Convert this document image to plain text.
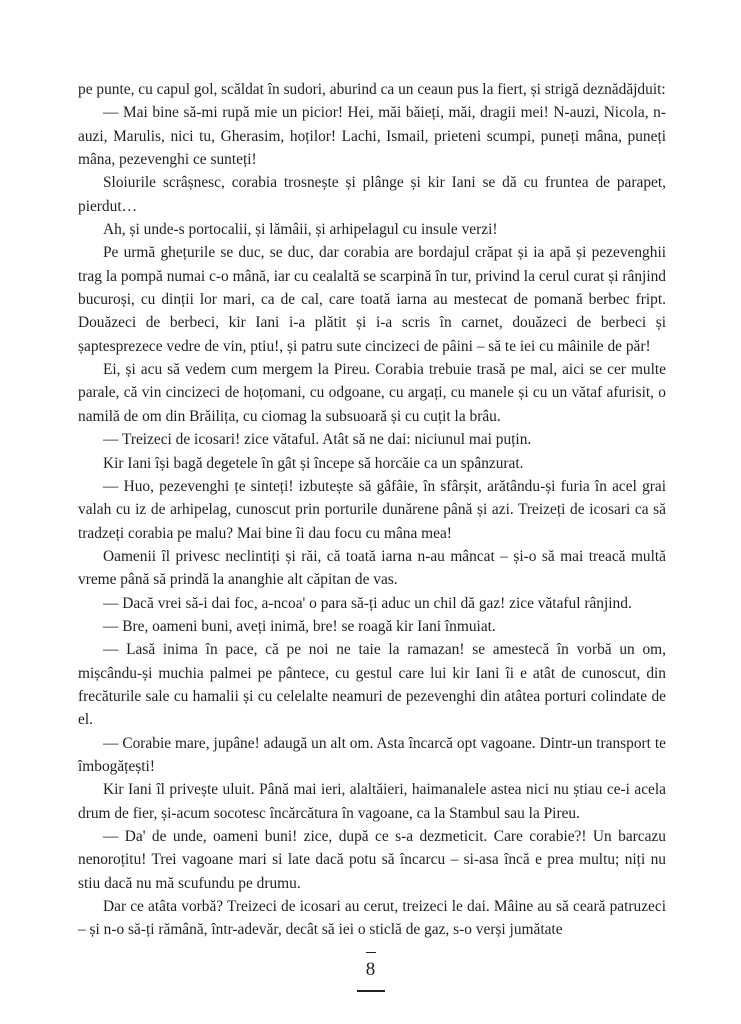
pe punte, cu capul gol, scăldat în sudori, aburind ca un ceaun pus la fiert, și strigă deznădăjduit:

— Mai bine să-mi rupă mie un picior! Hei, măi băieți, măi, dragii mei! N-auzi, Nicola, n-auzi, Marulis, nici tu, Gherasim, hoților! Lachi, Ismail, prieteni scumpi, puneți mâna, puneți mâna, pezevenghi ce sunteți!

Sloiurile scrâșnesc, corabia trosnește și plânge și kir Iani se dă cu fruntea de parapet, pierdut…

Ah, și unde-s portocalii, și lămâii, și arhipelagul cu insule verzi!

Pe urmă ghețurile se duc, se duc, dar corabia are bordajul crăpat și ia apă și pezevenghii trag la pompă numai c-o mână, iar cu cealaltă se scarpină în tur, privind la cerul curat și rânjind bucuroși, cu dinții lor mari, ca de cal, care toată iarna au mestecat de pomană berbec fript. Douăzeci de berbeci, kir Iani i-a plătit și i-a scris în carnet, douăzeci de berbeci și șaptesprezece vedre de vin, ptiu!, și patru sute cincizeci de pâini – să te iei cu mâinile de păr!

Ei, și acu să vedem cum mergem la Pireu. Corabia trebuie trasă pe mal, aici se cer multe parale, că vin cincizeci de hoțomani, cu odgoane, cu argați, cu manele și cu un vătaf afurisit, o namilă de om din Brăilița, cu ciomag la subsuoară și cu cuțit la brâu.

— Treizeci de icosari! zice vătaful. Atât să ne dai: niciunul mai puțin.

Kir Iani își bagă degetele în gât și începe să horcăie ca un spânzurat.

— Huo, pezevenghi țe sinteți! izbutește să gâfâie, în sfârșit, arătându-și furia în acel grai valah cu iz de arhipelag, cunoscut prin porturile dunărene până și azi. Treizeți de icosari ca să tradzeți corabia pe malu? Mai bine îi dau focu cu mâna mea!

Oamenii îl privesc neclintiți și răi, că toată iarna n-au mâncat – și-o să mai treacă multă vreme până să prindă la ananghie alt căpitan de vas.

— Dacă vrei să-i dai foc, a-ncoa' o para să-ți aduc un chil dă gaz! zice vătaful rânjind.

— Bre, oameni buni, aveți inimă, bre! se roagă kir Iani înmuiat.

— Lasă inima în pace, că pe noi ne taie la ramazan! se amestecă în vorbă un om, mișcându-și muchia palmei pe pântece, cu gestul care lui kir Iani îi e atât de cunoscut, din frecăturile sale cu hamalii și cu celelalte neamuri de pezevenghi din atâtea porturi colindate de el.

— Corabie mare, jupâne! adaugă un alt om. Asta încarcă opt vagoane. Dintr-un transport te îmbogățești!

Kir Iani îl privește uluit. Până mai ieri, alaltăieri, haimanalele astea nici nu știau ce-i acela drum de fier, și-acum socotesc încărcătura în vagoane, ca la Stambul sau la Pireu.

— Da' de unde, oameni buni! zice, după ce s-a dezmeticit. Care corabie?! Un barcazu nenoroțitu! Trei vagoane mari si late dacă potu să încarcu – si-asa încă e prea multu; niți nu stiu dacă nu mă scufundu pe drumu.

Dar ce atâta vorbă? Treizeci de icosari au cerut, treizeci le dai. Mâine au să ceară patruzeci – și n-o să-ți rămână, într-adevăr, decât să iei o sticlă de gaz, s-o verși jumătate

8
